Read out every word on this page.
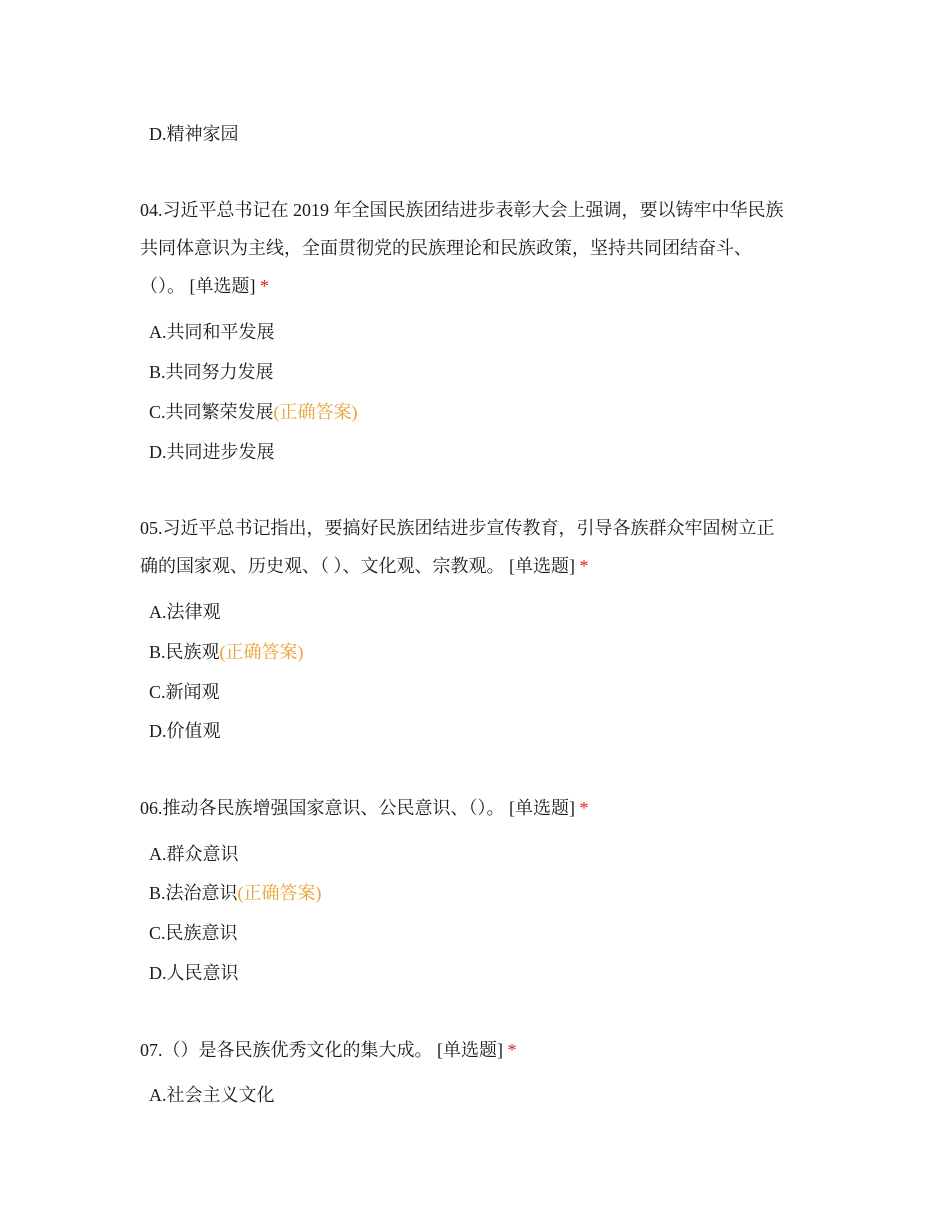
D.精神家园
04.习近平总书记在 2019 年全国民族团结进步表彰大会上强调，要以铸牢中华民族
共同体意识为主线，全面贯彻党的民族理论和民族政策，坚持共同团结奋斗、
（）。 [单选题] *
A.共同和平发展
B.共同努力发展
C.共同繁荣发展(正确答案)
D.共同进步发展
05.习近平总书记指出，要搞好民族团结进步宣传教育，引导各族群众牢固树立正
确的国家观、历史观、（ ）、文化观、宗教观。 [单选题] *
A.法律观
B.民族观(正确答案)
C.新闻观
D.价值观
06.推动各民族增强国家意识、公民意识、（）。 [单选题] *
A.群众意识
B.法治意识(正确答案)
C.民族意识
D.人民意识
07.（）是各民族优秀文化的集大成。 [单选题] *
A.社会主义文化
